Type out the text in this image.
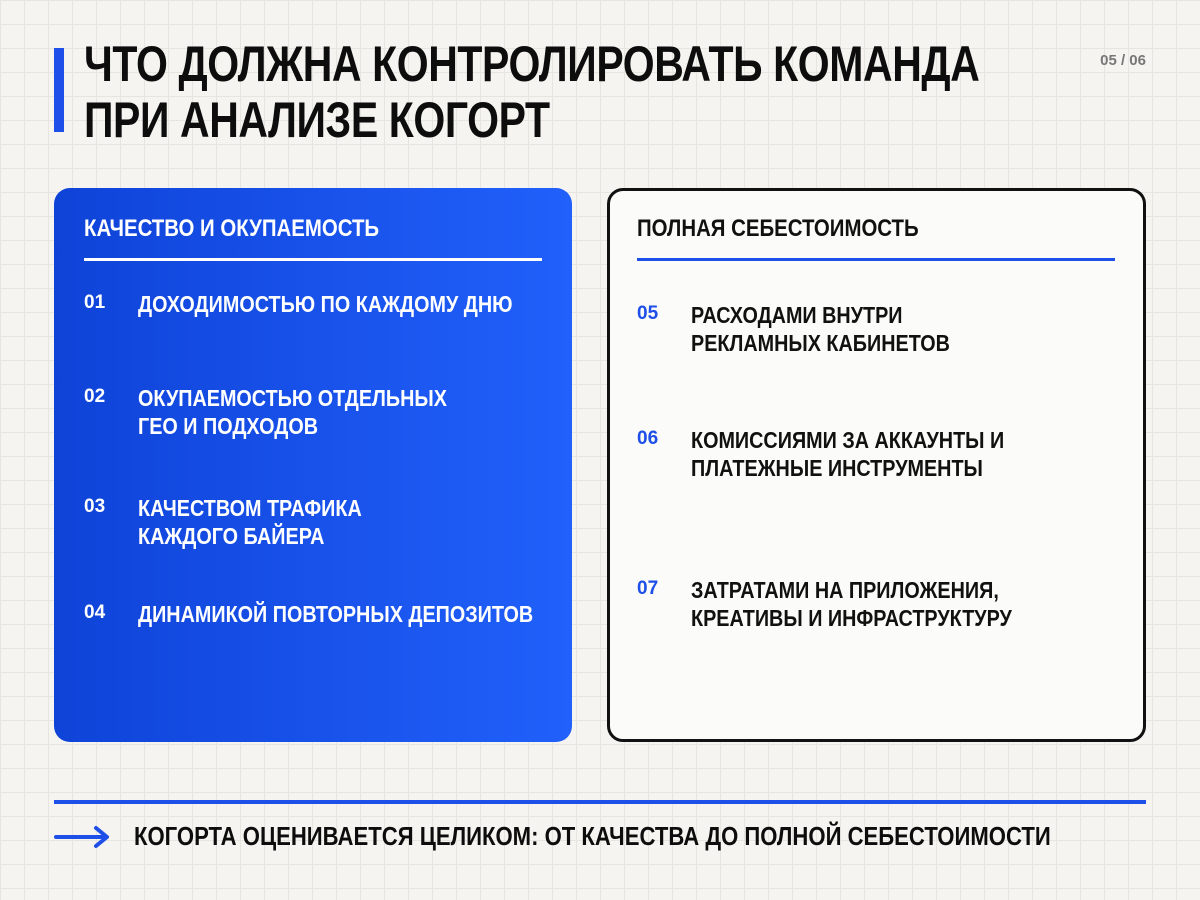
ЧТО ДОЛЖНА КОНТРОЛИРОВАТЬ КОМАНДА
ПРИ АНАЛИЗЕ КОГОРТ
05 / 06
КАЧЕСТВО И ОКУПАЕМОСТЬ
01	ДОХОДИМОСТЬЮ ПО КАЖДОМУ ДНЮ
02	ОКУПАЕМОСТЬЮ ОТДЕЛЬНЫХ ГЕО И ПОДХОДОВ
03	КАЧЕСТВОМ ТРАФИКА КАЖДОГО БАЙЕРА
04	ДИНАМИКОЙ ПОВТОРНЫХ ДЕПОЗИТОВ
ПОЛНАЯ СЕБЕСТОИМОСТЬ
05	РАСХОДАМИ ВНУТРИ РЕКЛАМНЫХ КАБИНЕТОВ
06	КОМИССИЯМИ ЗА АККАУНТЫ И ПЛАТЕЖНЫЕ ИНСТРУМЕНТЫ
07	ЗАТРАТАМИ НА ПРИЛОЖЕНИЯ, КРЕАТИВЫ И ИНФРАСТРУКТУРУ
КОГОРТА ОЦЕНИВАЕТСЯ ЦЕЛИКОМ: ОТ КАЧЕСТВА ДО ПОЛНОЙ СЕБЕСТОИМОСТИ
